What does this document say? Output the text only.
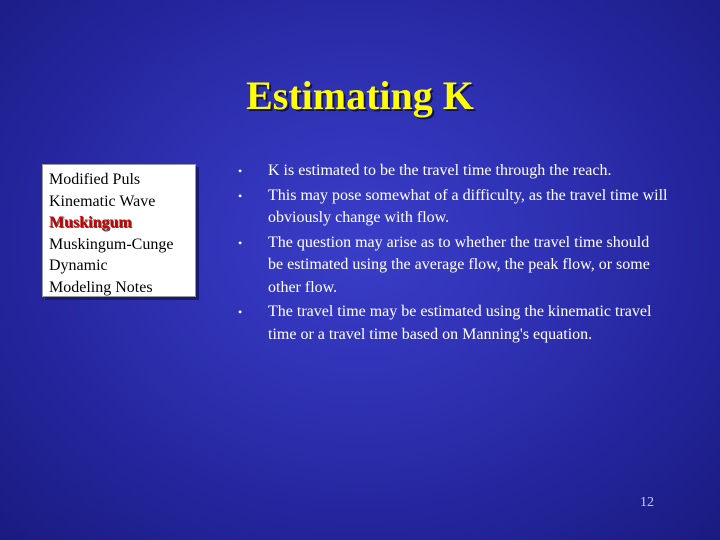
Estimating K
Modified Puls
Kinematic Wave
Muskingum
Muskingum-Cunge
Dynamic
Modeling Notes
• K is estimated to be the travel time through the reach.
• This may pose somewhat of a difficulty, as the travel time will obviously change with flow.
• The question may arise as to whether the travel time should be estimated using the average flow, the peak flow, or some other flow.
• The travel time may be estimated using the kinematic travel time or a travel time based on Manning's equation.
12
